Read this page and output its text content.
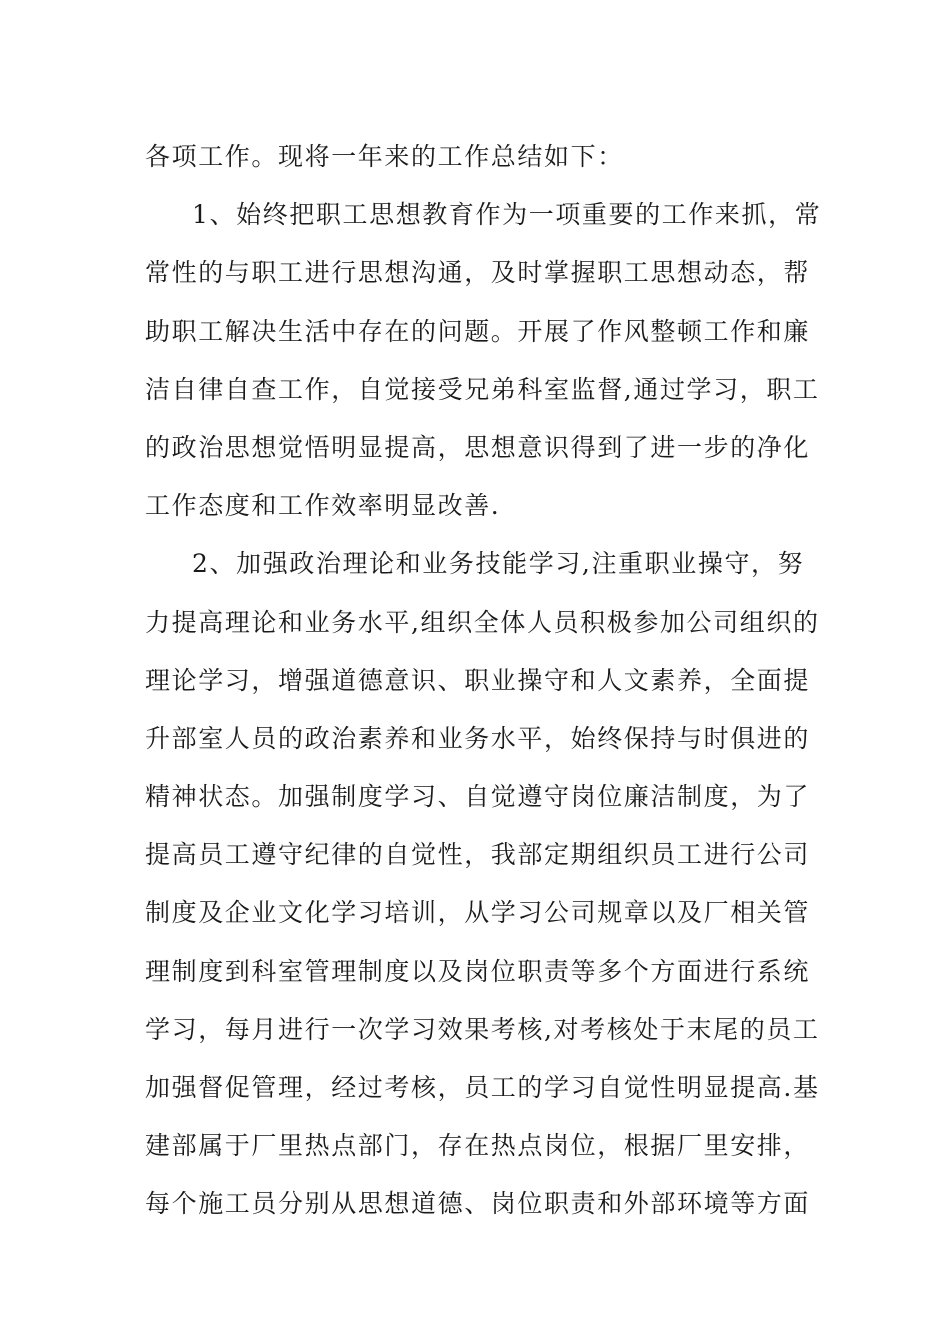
各项工作。现将一年来的工作总结如下：
1、始终把职工思想教育作为一项重要的工作来抓，常
常性的与职工进行思想沟通，及时掌握职工思想动态，帮
助职工解决生活中存在的问题。开展了作风整顿工作和廉
洁自律自查工作，自觉接受兄弟科室监督,通过学习，职工
的政治思想觉悟明显提高，思想意识得到了进一步的净化
工作态度和工作效率明显改善.
2、加强政治理论和业务技能学习,注重职业操守，努
力提高理论和业务水平,组织全体人员积极参加公司组织的
理论学习，增强道德意识、职业操守和人文素养，全面提
升部室人员的政治素养和业务水平，始终保持与时俱进的
精神状态。加强制度学习、自觉遵守岗位廉洁制度，为了
提高员工遵守纪律的自觉性，我部定期组织员工进行公司
制度及企业文化学习培训，从学习公司规章以及厂相关管
理制度到科室管理制度以及岗位职责等多个方面进行系统
学习，每月进行一次学习效果考核,对考核处于末尾的员工
加强督促管理，经过考核，员工的学习自觉性明显提高.基
建部属于厂里热点部门，存在热点岗位，根据厂里安排，
每个施工员分别从思想道德、岗位职责和外部环境等方面
